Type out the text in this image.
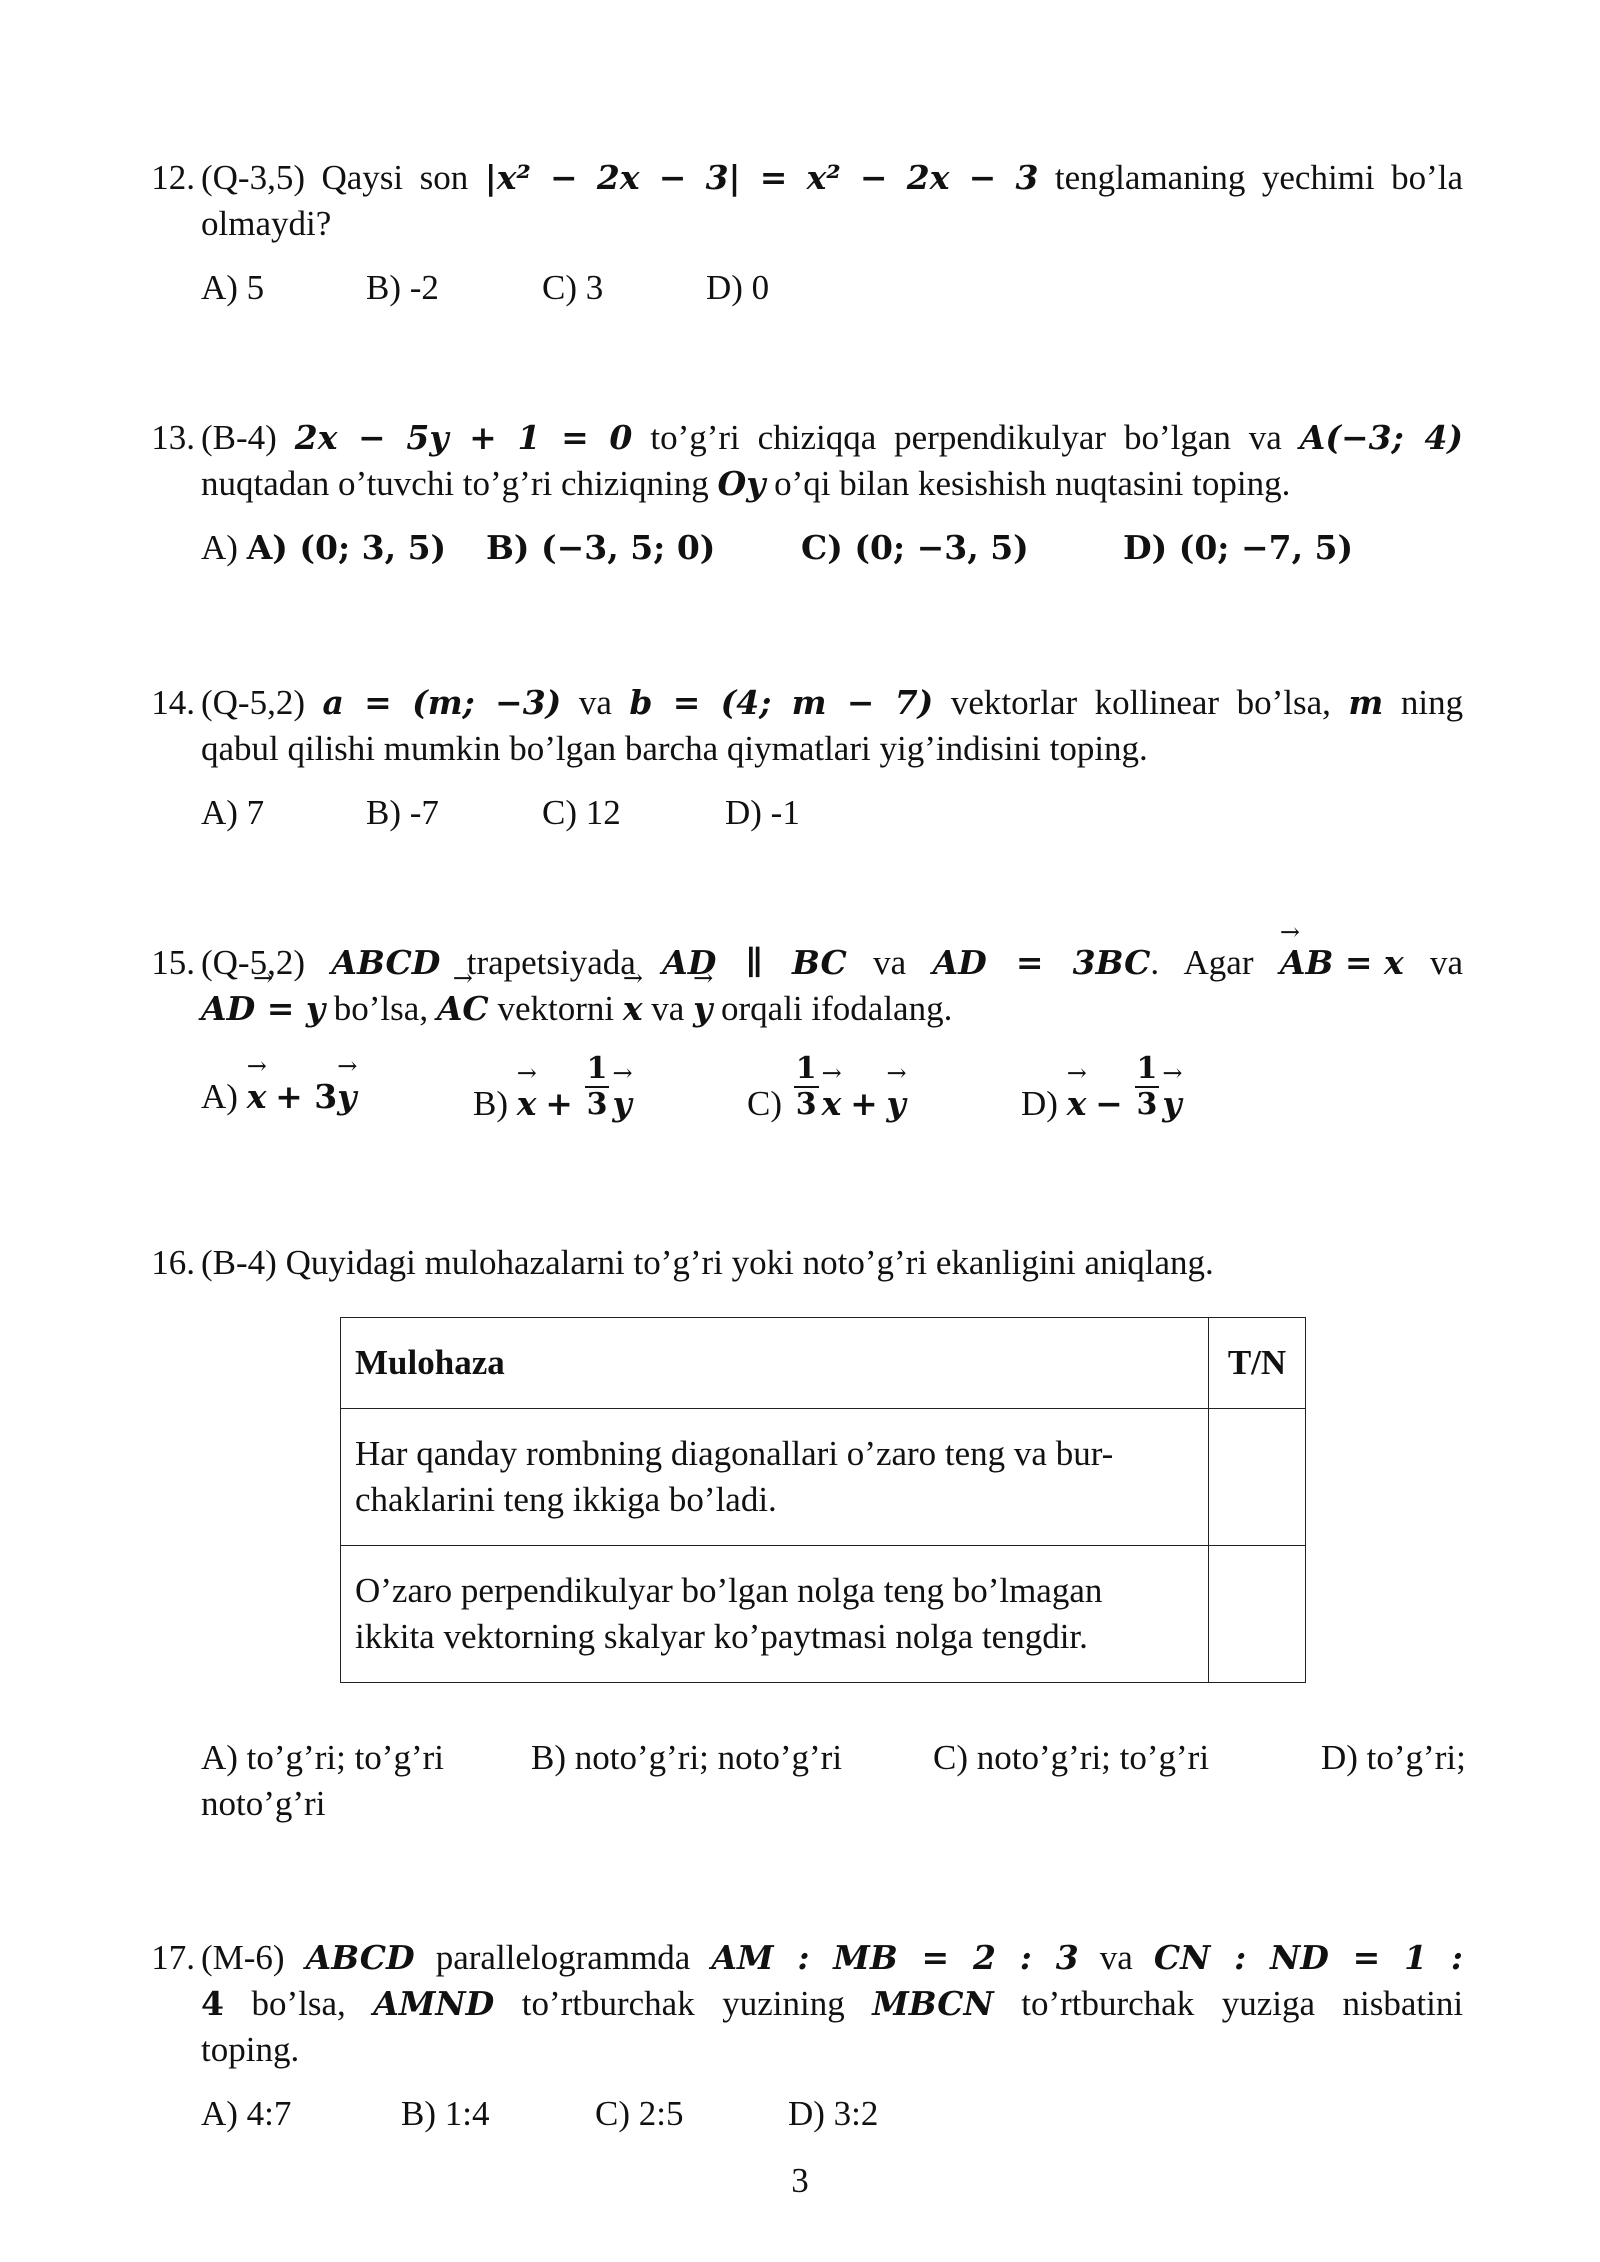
12. (Q-3,5) Qaysi son |x² − 2x − 3| = x² − 2x − 3 tenglamaning yechimi bo’la
olmaydi?
A) 5	B) -2	C) 3	D) 0
13. (B-4) 2x − 5y + 1 = 0 to’g’ri chiziqqa perpendikulyar bo’lgan va A(−3; 4)
nuqtadan o’tuvchi to’g’ri chiziqning Oy o’qi bilan kesishish nuqtasini toping.
A) A) (0; 3, 5) B) (−3, 5; 0)	C) (0; −3, 5)	D) (0; −7, 5)
14. (Q-5,2) a = (m; −3) va b = (4; m − 7) vektorlar kollinear bo’lsa, m ning
qabul qilishi mumkin bo’lgan barcha qiymatlari yig’indisini toping.
A) 7	B) -7	C) 12	D) -1
15. (Q-5,2) ABCD trapetsiyada AD ∥ BC va AD = 3BC. Agar → AB = x va
→ AD = y bo’lsa, → AC vektorni → x va → y orqali ifodalang.
A) → x + 3→ y	$B) \to x + \frac{1}{3} \to y$	$C) \frac{1}{3} \to x$ + → y	$D) \to x - \frac{1}{3} \to y$
16. (B-4) Quyidagi mulohazalarni to’g’ri yoki noto’g’ri ekanligini aniqlang.
Mulohaza	T/N
Har qanday rombning diagonallari o’zaro teng va bur-
chaklarini teng ikkiga bo’ladi.	
O’zaro perpendikulyar bo’lgan nolga teng bo’lmagan
ikkita vektorning skalyar ko’paytmasi nolga tengdir.	
A) to’g’ri; to’g’ri B) noto’g’ri; noto’g’ri	C) noto’g’ri; to’g’ri	D) to’g’ri;
noto’g’ri
17. (M-6) ABCD parallelogrammda AM : MB = 2 : 3 va CN : ND = 1 :
4 bo’lsa, AMND to’rtburchak yuzining MBCN to’rtburchak yuziga nisbatini
toping.
A) 4:7	B) 1:4	C) 2:5	D) 3:2
3
